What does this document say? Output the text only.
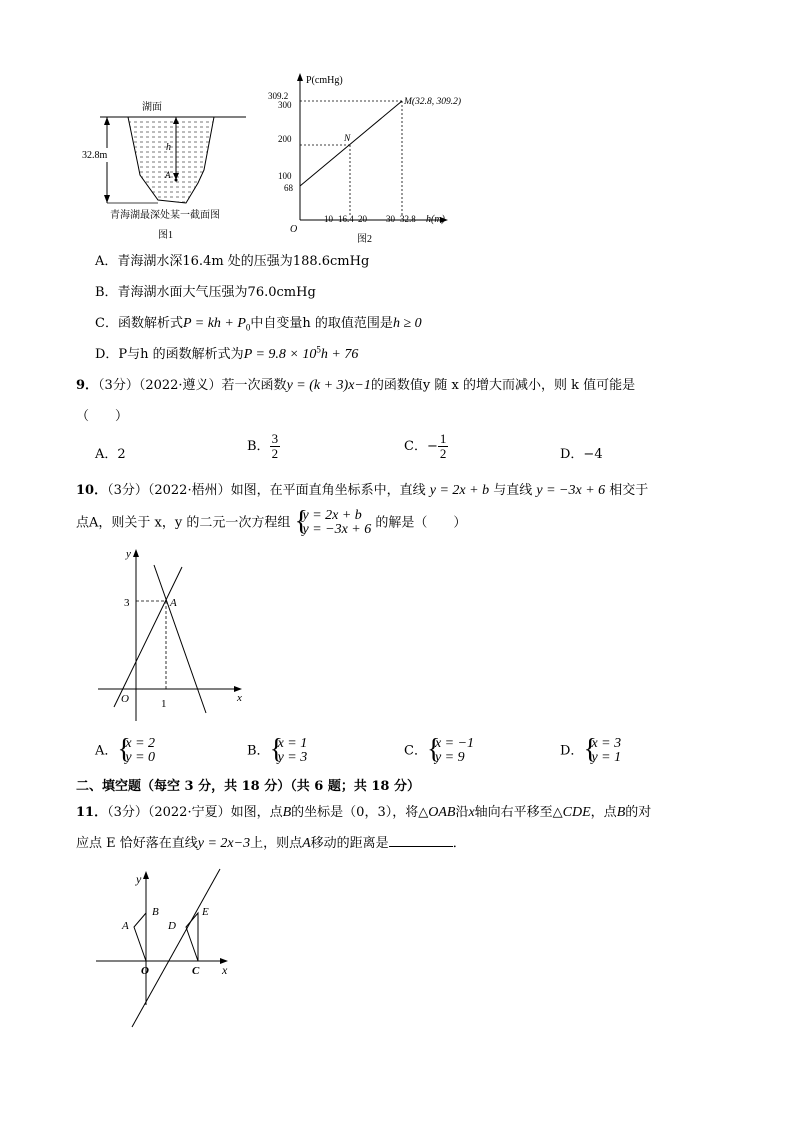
湖面
32.8m
h
A
青海湖最深处某一截面图
图1
P(cmHg)
h(m)
O
309.2
300
200
100
68
10 16.4 20 30 32.8
M(32.8, 309.2)
N
图2
A．青海湖水深16.4m 处的压强为188.6cmHg
B．青海湖水面大气压强为76.0cmHg
C．函数解析式P = kh + $P_0$中自变量h 的取值范围是h ≥ 0
D．P与h 的函数解析式为$P = 9.8 \times 10^5h + 76$
9．（3分）（2022·遵义）若一次函数y = (k + 3)x−1的函数值y 随 x 的增大而减小，则 k 值可能是
（　　）
A．2
B． $\frac{3}{2}$	C．− $\frac{1}{2}$	D．−4
10．（3分）（2022·梧州）如图，在平面直角坐标系中，直线 y = 2x + b 与直线 y = −3x + 6 相交于
点A，则关于 x，y 的二元一次方程组 {
y = 2x + b
y = −3x + 6 的解是（　　）
y
x
O
3
1
A
A． {
x = 2
y = 0	B． {
x = 1
y = 3	C． {
x = −1
y = 9	D． {
x = 3
y = 1
二、填空题（每空 3 分，共 18 分）（共 6 题；共 18 分）
11．（3分）（2022·宁夏）如图，点B的坐标是（0，3），将△OAB沿x轴向右平移至△CDE，点B的对
应点 E 恰好落在直线y = 2x−3上，则点A移动的距离是	．
y
x
O
A
B
C
D
E
